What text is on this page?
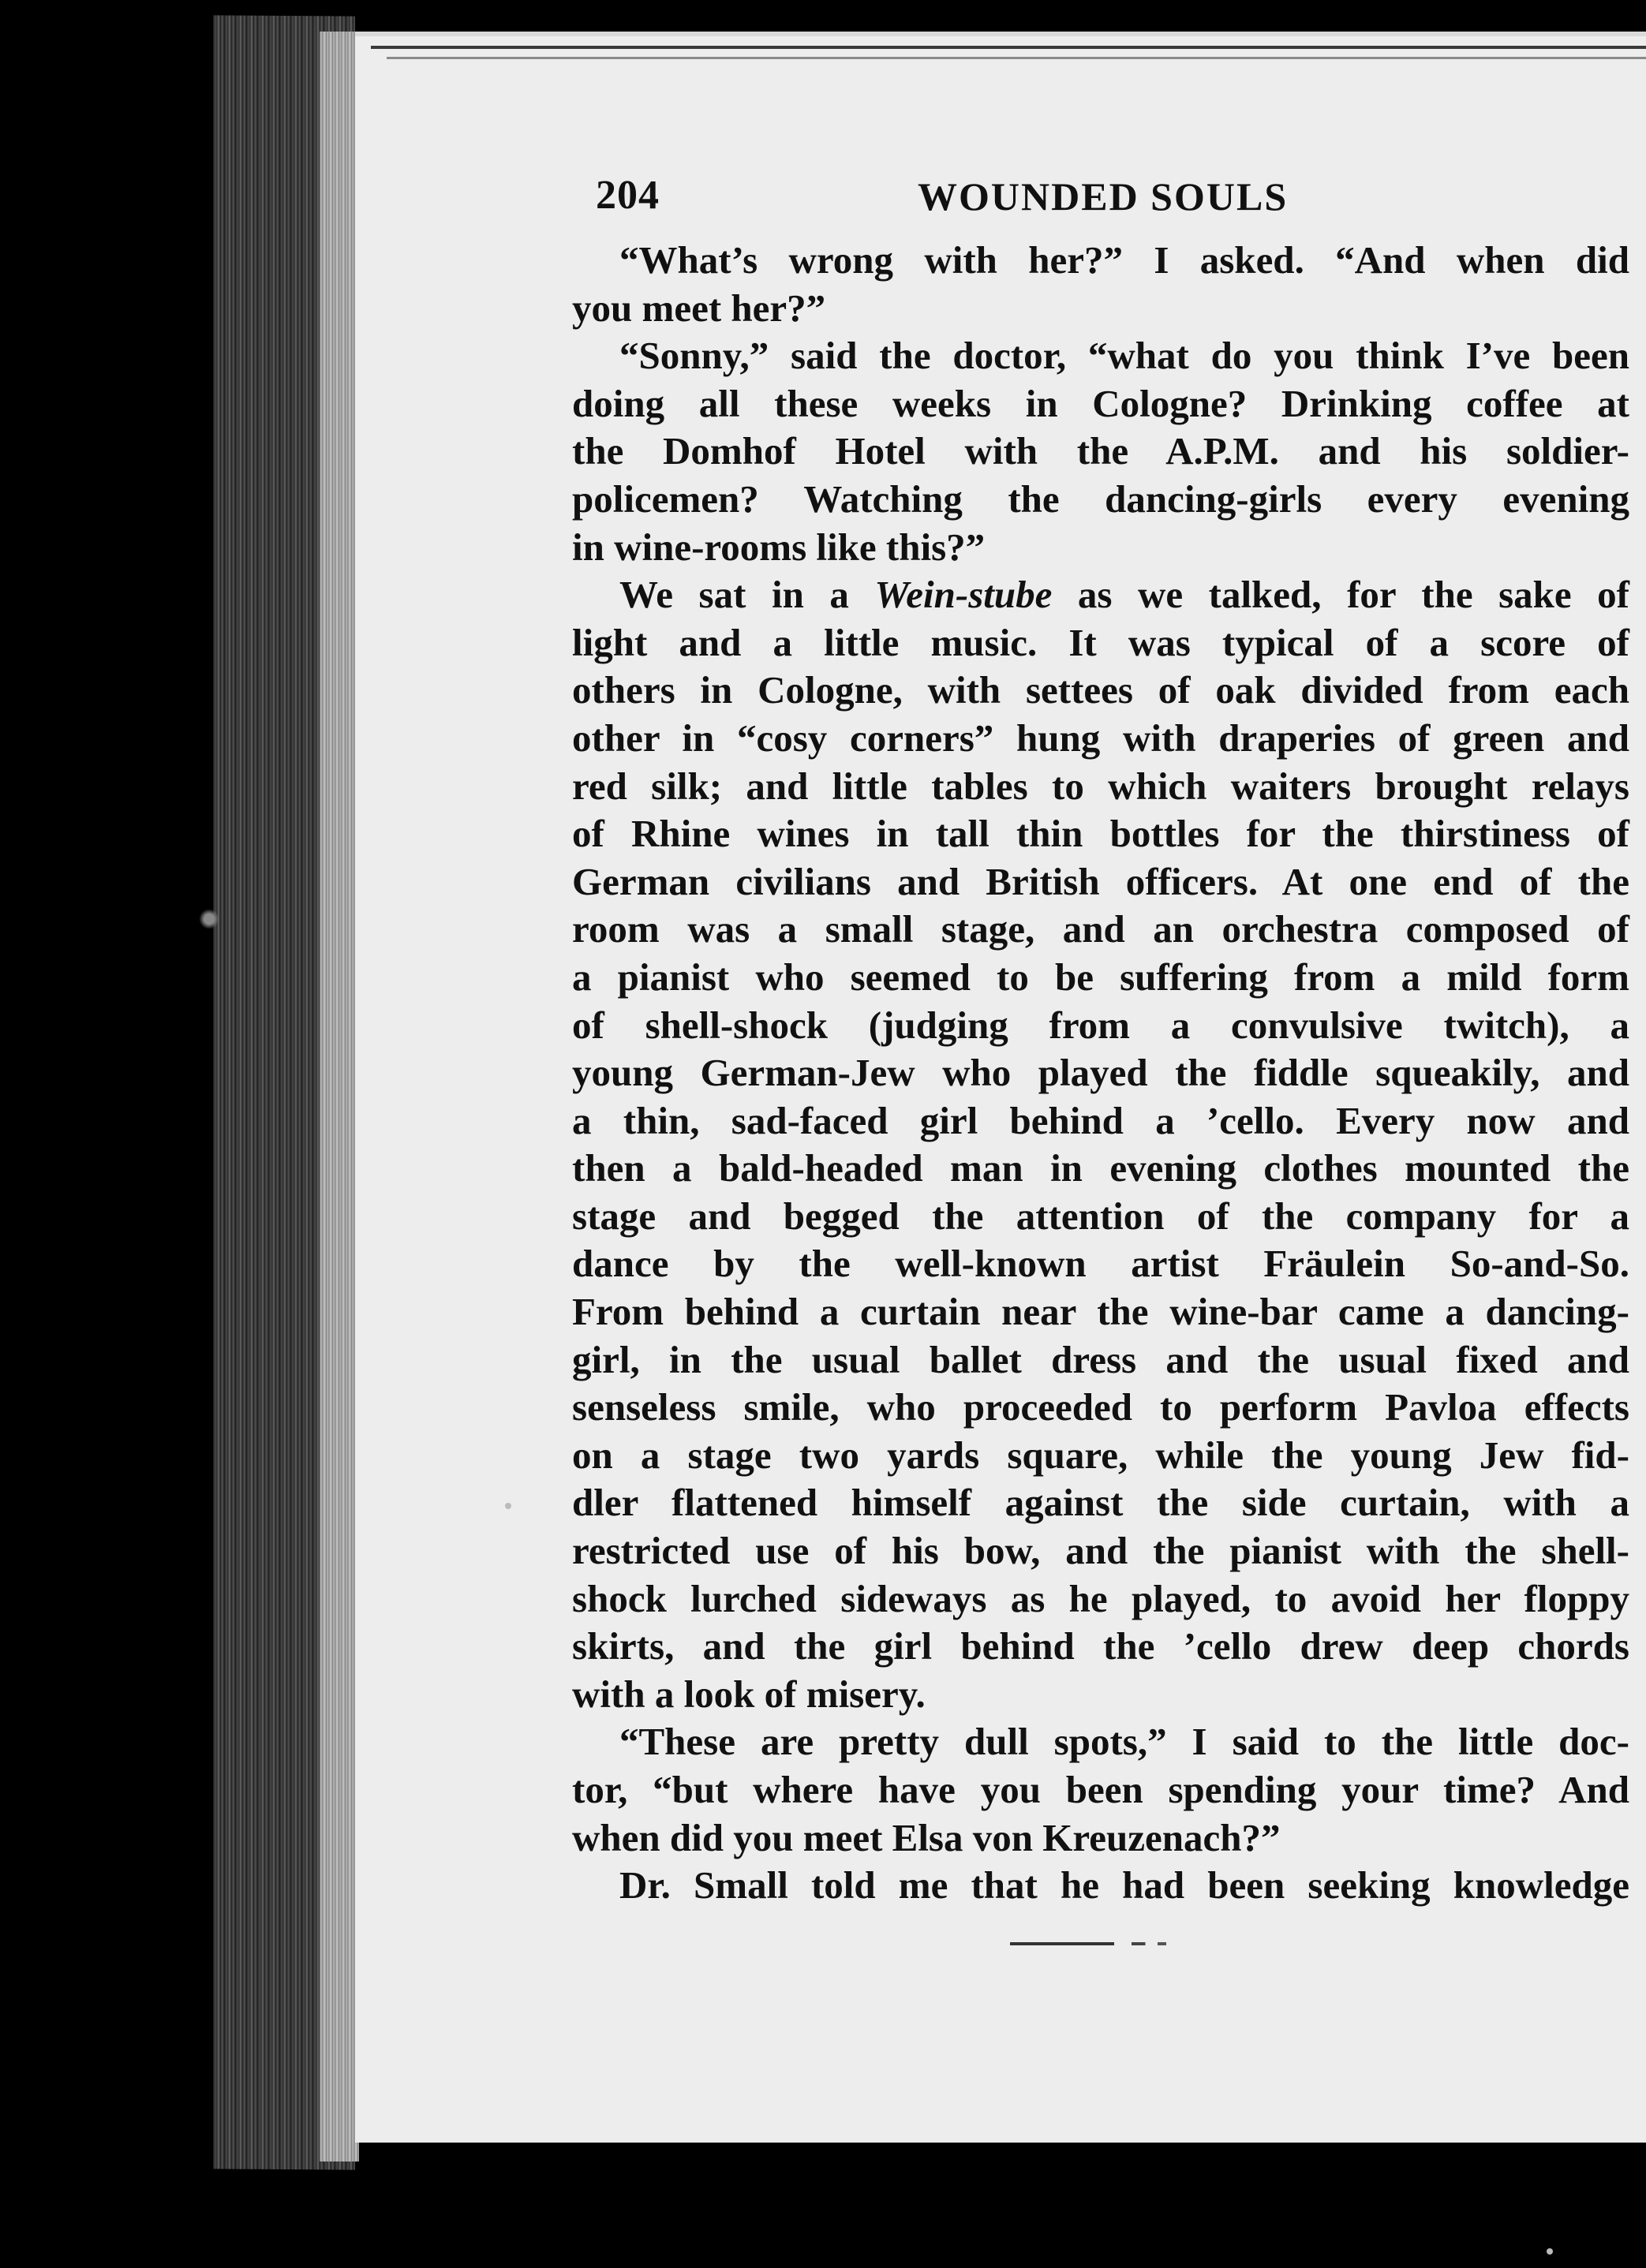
204	WOUNDED SOULS
“What’s wrong with her?” I asked. “And when did
you meet her?”
“Sonny,” said the doctor, “what do you think I’ve been
doing all these weeks in Cologne? Drinking coffee at
the Domhof Hotel with the A.P.M. and his soldier-
policemen? Watching the dancing-girls every evening
in wine-rooms like this?”
We sat in a Wein-stube as we talked, for the sake of
light and a little music. It was typical of a score of
others in Cologne, with settees of oak divided from each
other in “cosy corners” hung with draperies of green and
red silk; and little tables to which waiters brought relays
of Rhine wines in tall thin bottles for the thirstiness of
German civilians and British officers. At one end of the
room was a small stage, and an orchestra composed of
a pianist who seemed to be suffering from a mild form
of shell-shock (judging from a convulsive twitch), a
young German-Jew who played the fiddle squeakily, and
a thin, sad-faced girl behind a ’cello. Every now and
then a bald-headed man in evening clothes mounted the
stage and begged the attention of the company for a
dance by the well-known artist Fräulein So-and-So.
From behind a curtain near the wine-bar came a dancing-
girl, in the usual ballet dress and the usual fixed and
senseless smile, who proceeded to perform Pavloa effects
on a stage two yards square, while the young Jew fid-
dler flattened himself against the side curtain, with a
restricted use of his bow, and the pianist with the shell-
shock lurched sideways as he played, to avoid her floppy
skirts, and the girl behind the ’cello drew deep chords
with a look of misery.
“These are pretty dull spots,” I said to the little doc-
tor, “but where have you been spending your time? And
when did you meet Elsa von Kreuzenach?”
Dr. Small told me that he had been seeking knowledge
